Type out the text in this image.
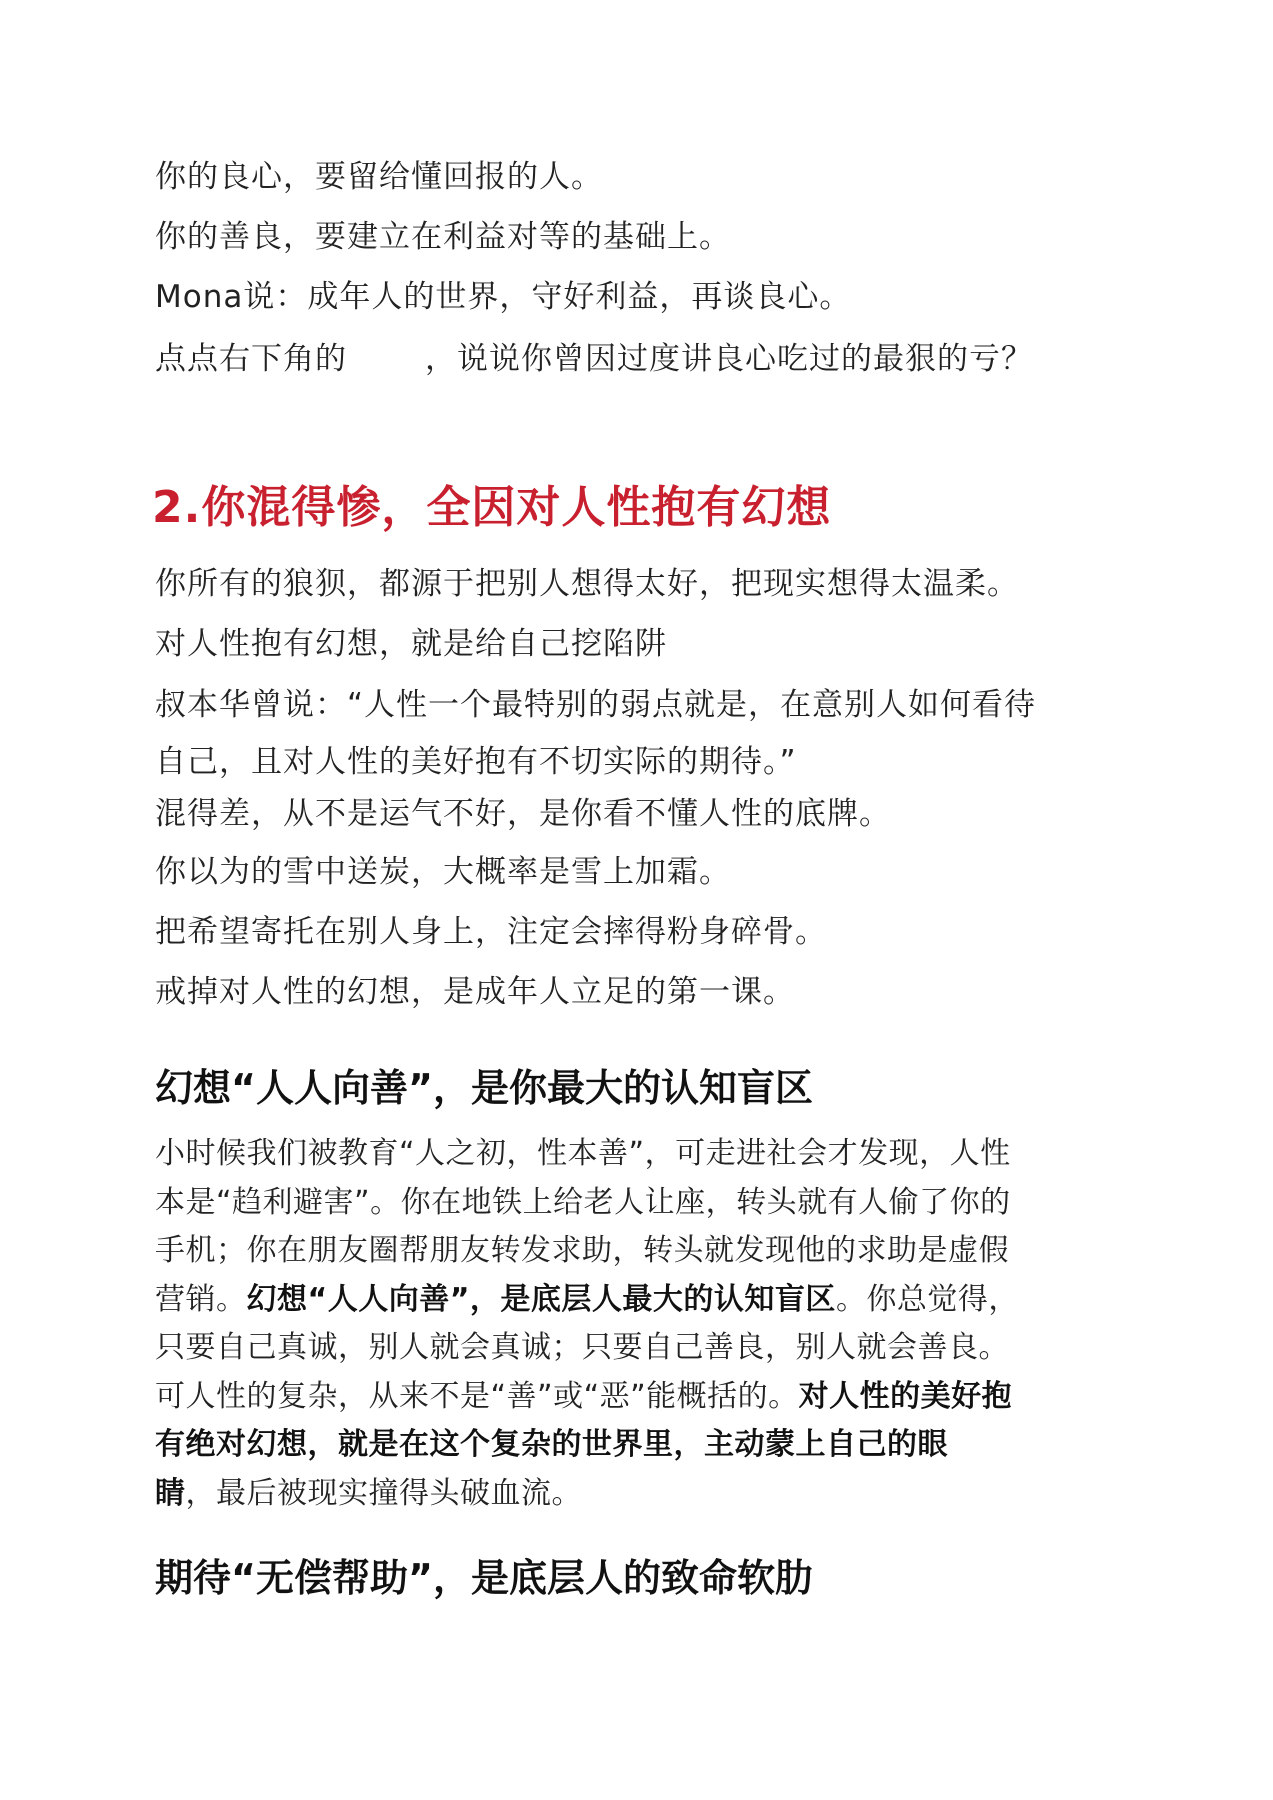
你的良心，要留给懂回报的人。
你的善良，要建立在利益对等的基础上。
Mona说：成年人的世界，守好利益，再谈良心。
点点右下角的	，说说你曾因过度讲良心吃过的最狠的亏？
2.你混得惨，全因对人性抱有幻想
你所有的狼狈，都源于把别人想得太好，把现实想得太温柔。
对人性抱有幻想，就是给自己挖陷阱
叔本华曾说：“人性一个最特别的弱点就是，在意别人如何看待
自己，且对人性的美好抱有不切实际的期待。”
混得差，从不是运气不好，是你看不懂人性的底牌。
你以为的雪中送炭，大概率是雪上加霜。
把希望寄托在别人身上，注定会摔得粉身碎骨。
戒掉对人性的幻想，是成年人立足的第一课。
幻想“人人向善”，是你最大的认知盲区
小时候我们被教育“人之初，性本善”，可走进社会才发现，人性
本是“趋利避害”。你在地铁上给老人让座，转头就有人偷了你的
手机；你在朋友圈帮朋友转发求助，转头就发现他的求助是虚假
营销。幻想“人人向善”，是底层人最大的认知盲区。你总觉得，
只要自己真诚，别人就会真诚；只要自己善良，别人就会善良。
可人性的复杂，从来不是“善”或“恶”能概括的。对人性的美好抱
有绝对幻想，就是在这个复杂的世界里，主动蒙上自己的眼
睛，最后被现实撞得头破血流。
期待“无偿帮助”，是底层人的致命软肋
